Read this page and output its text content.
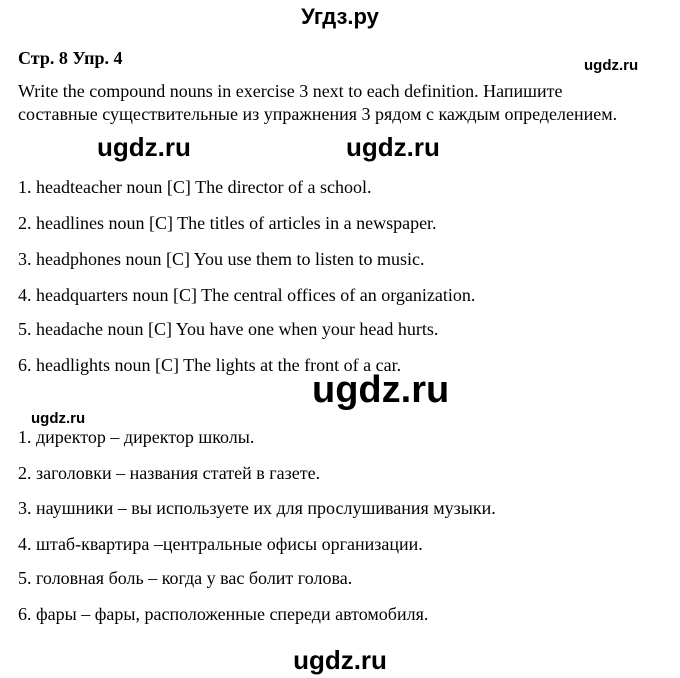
Угдз.ру
Стр. 8 Упр. 4	ugdz.ru
Write the compound nouns in exercise 3 next to each definition. Напишите
составные существительные из упражнения 3 рядом с каждым определением.
ugdz.ru	ugdz.ru
1. headteacher noun [C] The director of a school.
2. headlines noun [C] The titles of articles in a newspaper.
3. headphones noun [C] You use them to listen to music.
4. headquarters noun [C] The central offices of an organization.
5. headache noun [C] You have one when your head hurts.
6. headlights noun [C] The lights at the front of a car.
ugdz.ru
ugdz.ru
1. директор – директор школы.
2. заголовки – названия статей в газете.
3. наушники – вы используете их для прослушивания музыки.
4. штаб-квартира –центральные офисы организации.
5. головная боль – когда у вас болит голова.
6. фары – фары, расположенные спереди автомобиля.
ugdz.ru
